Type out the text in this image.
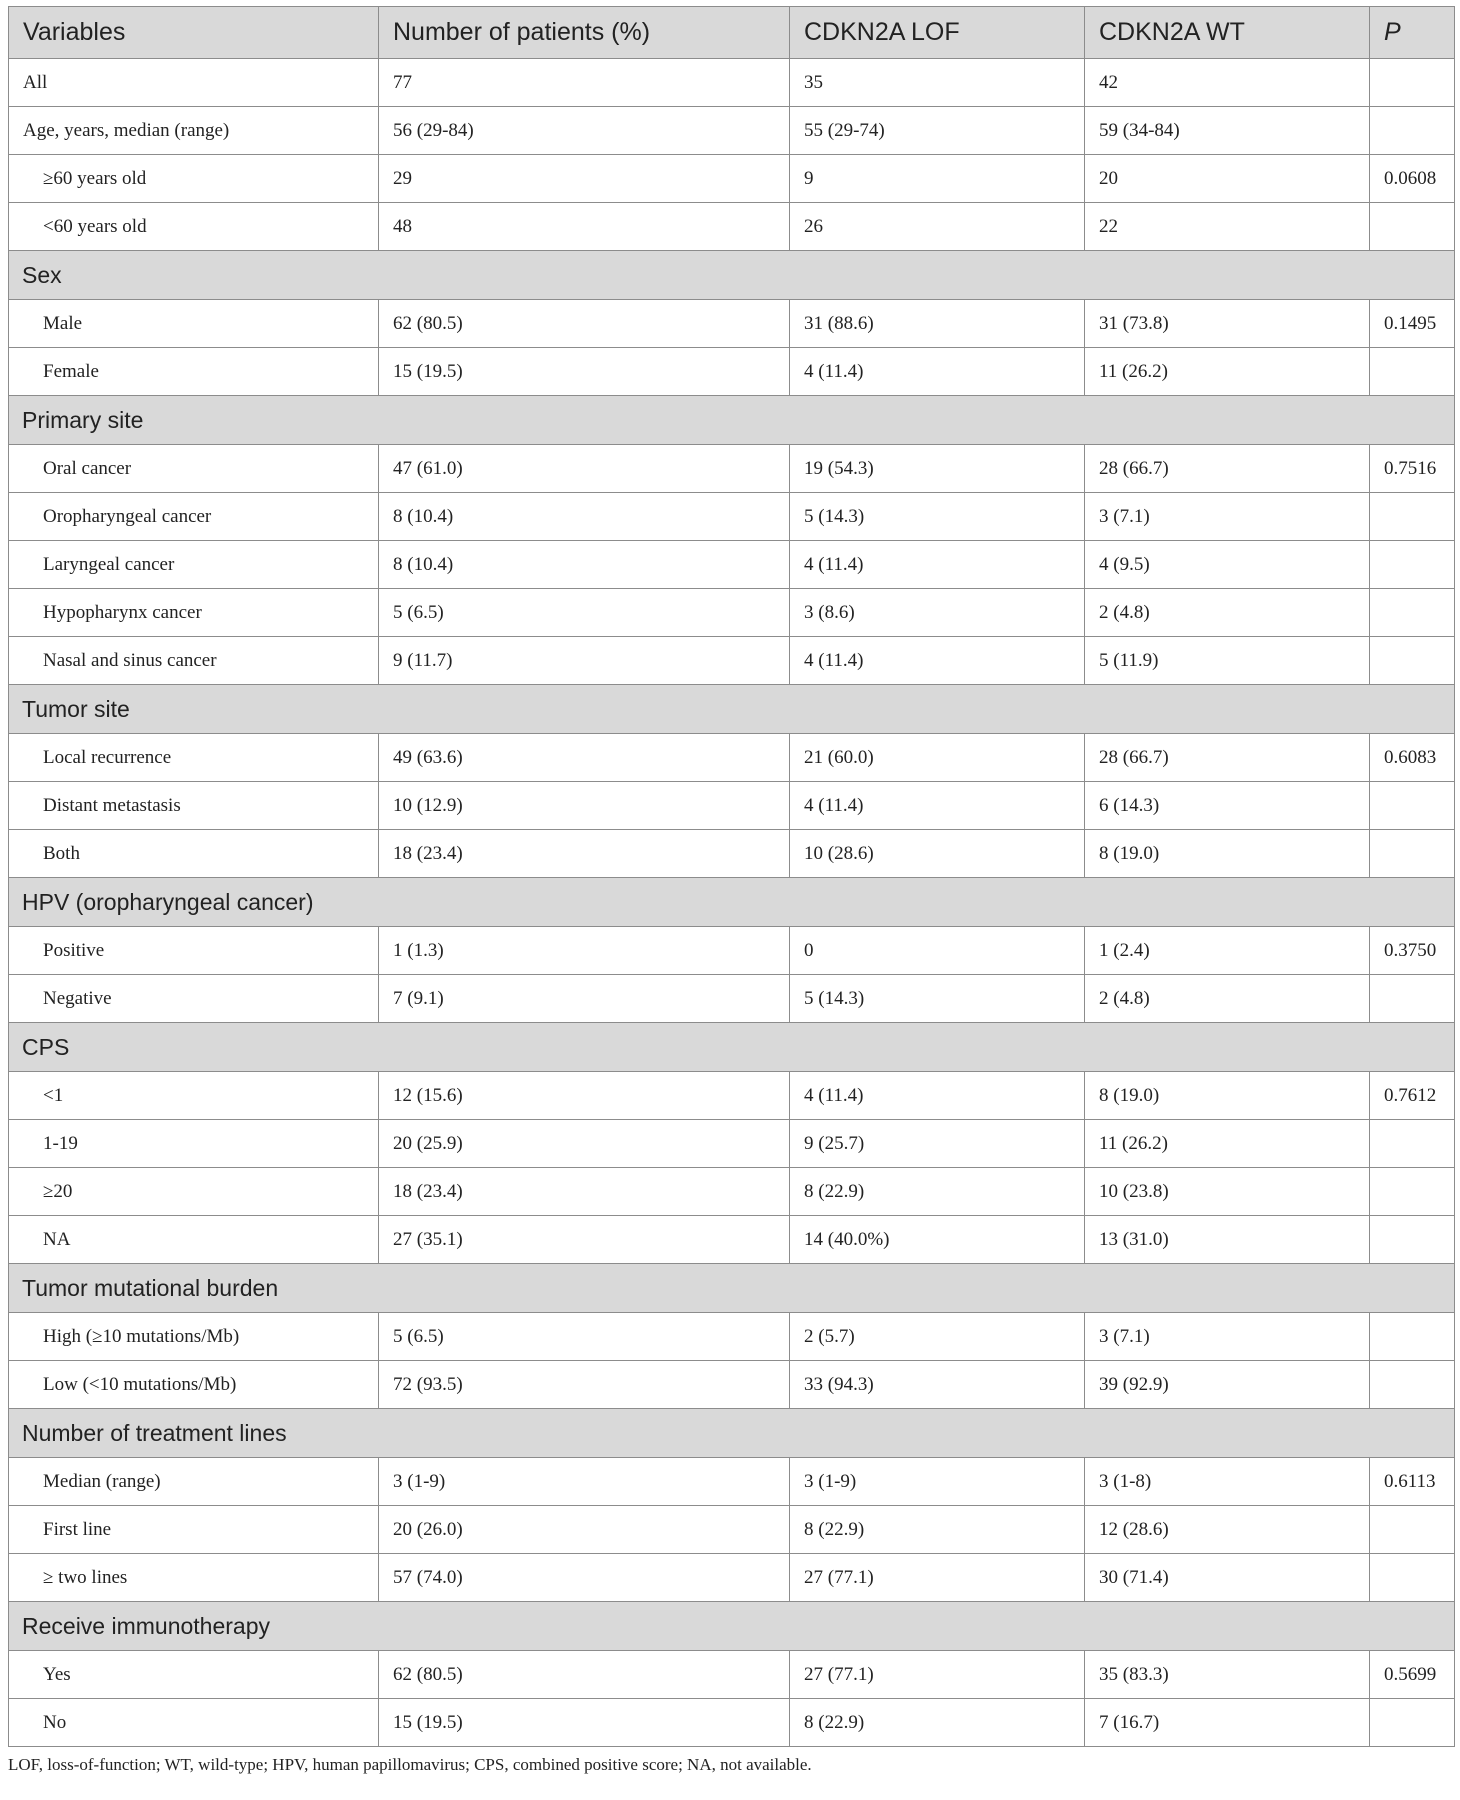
Variables	Number of patients (%)	CDKN2A LOF	CDKN2A WT	P
All	77	35	42	
Age, years, median (range)	56 (29-84)	55 (29-74)	59 (34-84)	
≥60 years old	29	9	20	0.0608
<60 years old	48	26	22	
Sex				
Male	62 (80.5)	31 (88.6)	31 (73.8)	0.1495
Female	15 (19.5)	4 (11.4)	11 (26.2)	
Primary site				
Oral cancer	47 (61.0)	19 (54.3)	28 (66.7)	0.7516
Oropharyngeal cancer	8 (10.4)	5 (14.3)	3 (7.1)	
Laryngeal cancer	8 (10.4)	4 (11.4)	4 (9.5)	
Hypopharynx cancer	5 (6.5)	3 (8.6)	2 (4.8)	
Nasal and sinus cancer	9 (11.7)	4 (11.4)	5 (11.9)	
Tumor site				
Local recurrence	49 (63.6)	21 (60.0)	28 (66.7)	0.6083
Distant metastasis	10 (12.9)	4 (11.4)	6 (14.3)	
Both	18 (23.4)	10 (28.6)	8 (19.0)	
HPV (oropharyngeal cancer)				
Positive	1 (1.3)	0	1 (2.4)	0.3750
Negative	7 (9.1)	5 (14.3)	2 (4.8)	
CPS				
<1	12 (15.6)	4 (11.4)	8 (19.0)	0.7612
1-19	20 (25.9)	9 (25.7)	11 (26.2)	
≥20	18 (23.4)	8 (22.9)	10 (23.8)	
NA	27 (35.1)	14 (40.0%)	13 (31.0)	
Tumor mutational burden				
High (≥10 mutations/Mb)	5 (6.5)	2 (5.7)	3 (7.1)	
Low (<10 mutations/Mb)	72 (93.5)	33 (94.3)	39 (92.9)	
Number of treatment lines				
Median (range)	3 (1-9)	3 (1-9)	3 (1-8)	0.6113
First line	20 (26.0)	8 (22.9)	12 (28.6)	
≥ two lines	57 (74.0)	27 (77.1)	30 (71.4)	
Receive immunotherapy				
Yes	62 (80.5)	27 (77.1)	35 (83.3)	0.5699
No	15 (19.5)	8 (22.9)	7 (16.7)	
LOF, loss-of-function; WT, wild-type; HPV, human papillomavirus; CPS, combined positive score; NA, not available.
